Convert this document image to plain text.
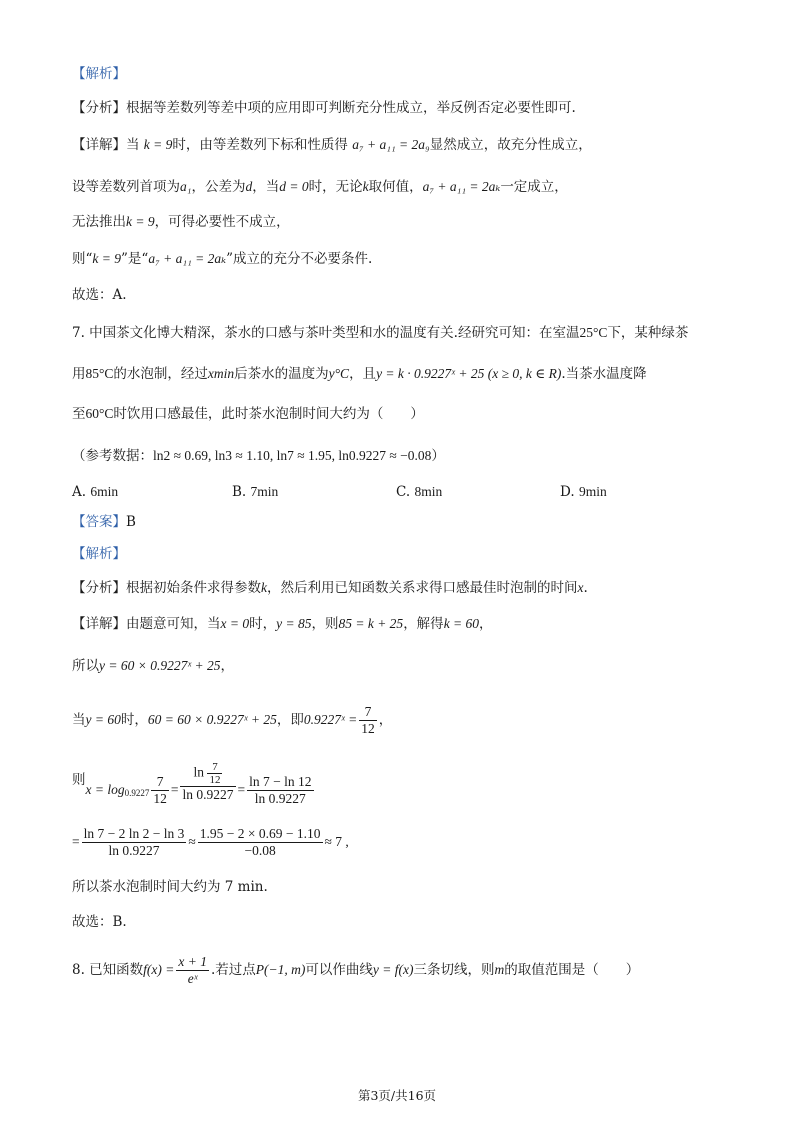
【解析】
【分析】根据等差数列等差中项的应用即可判断充分性成立，举反例否定必要性即可.
【详解】当 k = 9时，由等差数列下标和性质得 a₇ + a₁₁ = 2a₉显然成立，故充分性成立，
设等差数列首项为a₁，公差为d，当d = 0时，无论k取何值，a₇ + a₁₁ = 2aₖ一定成立，
无法推出k = 9，可得必要性不成立，
则“k = 9”是“a₇ + a₁₁ = 2aₖ”成立的充分不必要条件.
故选：A.
7. 中国茶文化博大精深，茶水的口感与茶叶类型和水的温度有关.经研究可知：在室温25°C下，某种绿茶
用85°C的水泡制，经过xmin后茶水的温度为y°C，且y = k · 0.9227ˣ + 25 (x ≥ 0, k ∈ R).当茶水温度降
至60°C时饮用口感最佳，此时茶水泡制时间大约为（　　）
（参考数据：ln2 ≈ 0.69, ln3 ≈ 1.10, ln7 ≈ 1.95, ln0.9227 ≈ −0.08）
A. 6min	B. 7min	C. 8min	D. 9min
【答案】B
【解析】
【分析】根据初始条件求得参数k，然后利用已知函数关系求得口感最佳时泡制的时间x.
【详解】由题意可知，当x = 0时，y = 85，则85 = k + 25，解得k = 60，
所以y = 60 × 0.9227ˣ + 25，
当 y = 60 时， 60 = 60 × 0.9227ˣ + 25 ，即 0.9227ˣ = $\frac{7}{12}$ ，
则
$x = \log_{0.9227} \frac{7}{12} = \frac{\ln \frac{7}{12}}{\ln 0.9227} = \frac{\ln 7 - \ln 12}{\ln 0.9227}$
= $\frac{\ln 7 - 2 \ln 2 - \ln 3}{\ln 0.9227} \approx \frac{1.95 - 2 \times 0.69 - 1.10}{-0.08} \approx 7$ ,
所以茶水泡制时间大约为 7 min.
故选：B.
8. 已知函数 $f(x) = \frac{x + 1}{\text{eˣ}}$ .若过点 P(−1, m) 可以作曲线 y = f(x) 三条切线，则 m 的取值范围是（　　）
第3页/共16页
